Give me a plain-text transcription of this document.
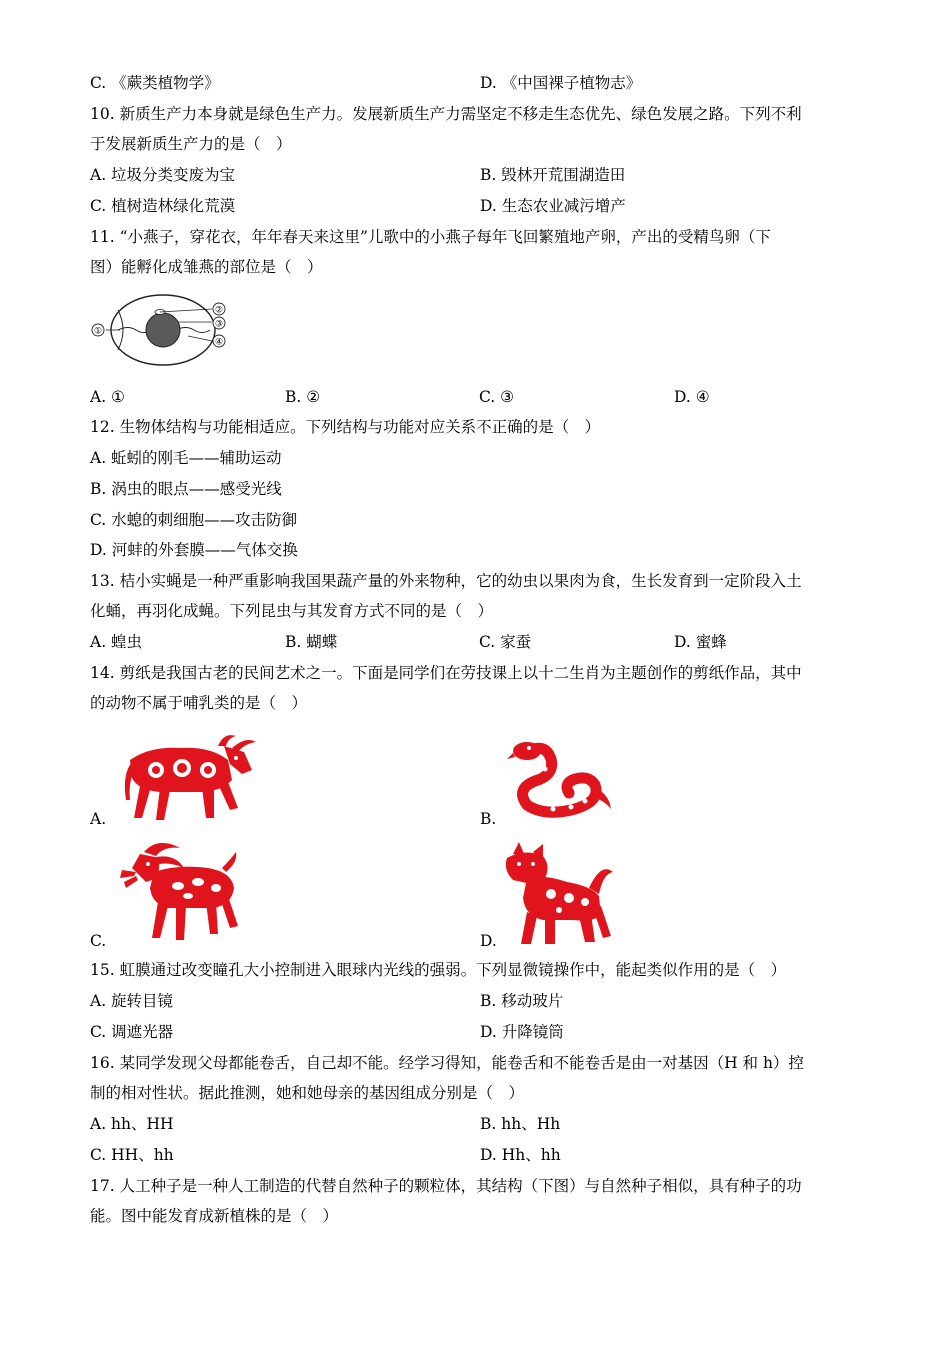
C. 《蕨类植物学》	D. 《中国裸子植物志》
10. 新质生产力本身就是绿色生产力。发展新质生产力需坚定不移走生态优先、绿色发展之路。下列不利
于发展新质生产力的是（　）
A. 垃圾分类变废为宝	B. 毁林开荒围湖造田
C. 植树造林绿化荒漠	D. 生态农业减污增产
11. “小燕子，穿花衣，年年春天来这里”儿歌中的小燕子每年飞回繁殖地产卵，产出的受精鸟卵（下
图）能孵化成雏燕的部位是（　）
①
②
③
④
A. ①	B. ②	C. ③	D. ④
12. 生物体结构与功能相适应。下列结构与功能对应关系不正确的是（　）
A. 蚯蚓的刚毛——辅助运动
B. 涡虫的眼点——感受光线
C. 水螅的刺细胞——攻击防御
D. 河蚌的外套膜——气体交换
13. 桔小实蝇是一种严重影响我国果蔬产量的外来物种，它的幼虫以果肉为食，生长发育到一定阶段入土
化蛹，再羽化成蝇。下列昆虫与其发育方式不同的是（　）
A. 蝗虫	B. 蝴蝶	C. 家蚕	D. 蜜蜂
14. 剪纸是我国古老的民间艺术之一。下面是同学们在劳技课上以十二生肖为主题创作的剪纸作品，其中
的动物不属于哺乳类的是（　）
A.	B.
C.	D.
15. 虹膜通过改变瞳孔大小控制进入眼球内光线的强弱。下列显微镜操作中，能起类似作用的是（　）
A. 旋转目镜	B. 移动玻片
C. 调遮光器	D. 升降镜筒
16. 某同学发现父母都能卷舌，自己却不能。经学习得知，能卷舌和不能卷舌是由一对基因（H 和 h）控
制的相对性状。据此推测，她和她母亲的基因组成分别是（　）
A. hh、HH	B. hh、Hh
C. HH、hh	D. Hh、hh
17. 人工种子是一种人工制造的代替自然种子的颗粒体，其结构（下图）与自然种子相似，具有种子的功
能。图中能发育成新植株的是（　）
